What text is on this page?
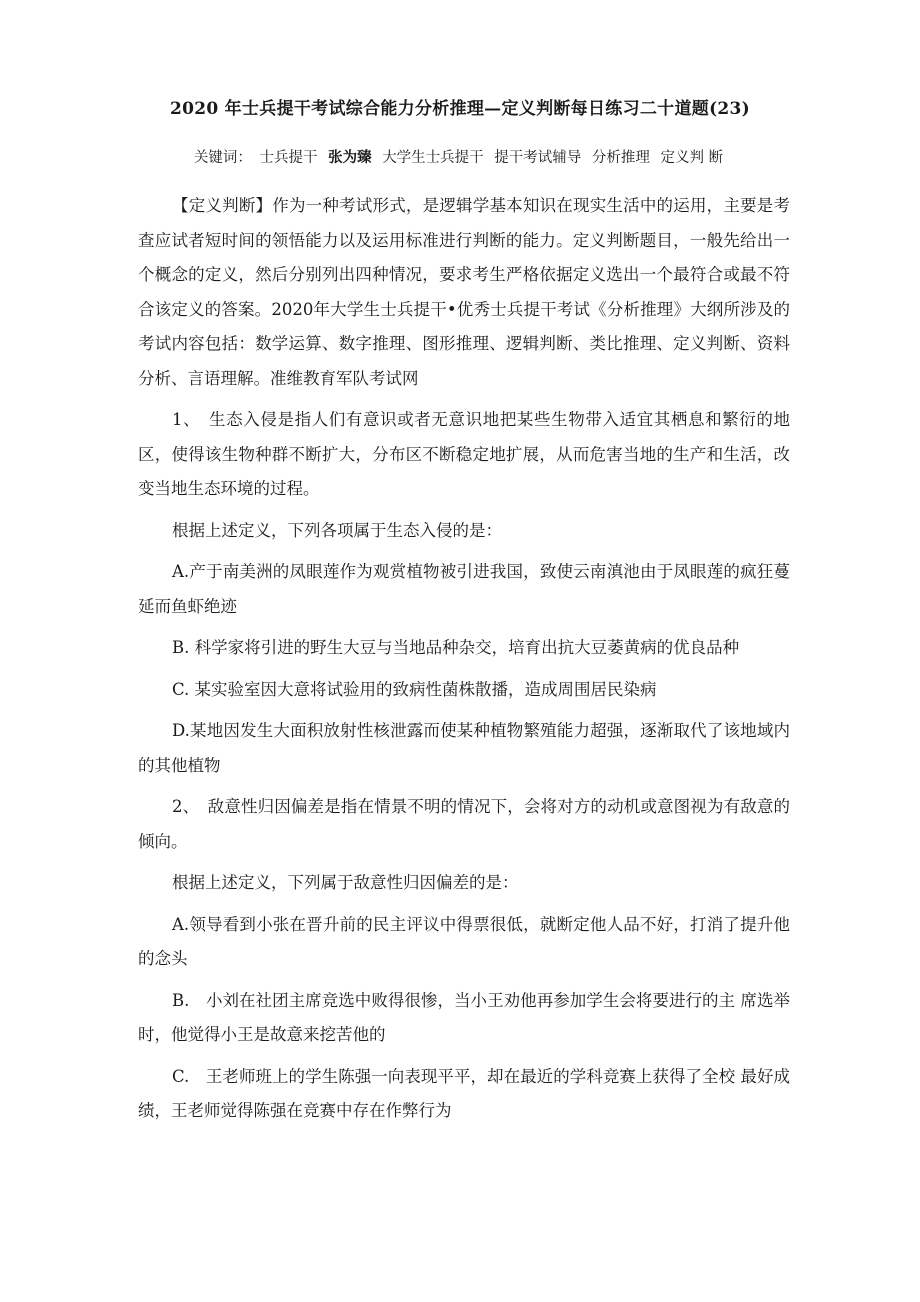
2020 年士兵提干考试综合能力分析推理—定义判断每日练习二十道题(23)
关键词： 士兵提干 张为臻 大学生士兵提干 提干考试辅导 分析推理 定义判 断

【定义判断】作为一种考试形式，是逻辑学基本知识在现实生活中的运用，主要是考查应试者短时间的领悟能力以及运用标准进行判断的能力。定义判断题目，一般先给出一个概念的定义，然后分别列出四种情况，要求考生严格依据定义选出一个最符合或最不符合该定义的答案。2020年大学生士兵提干•优秀士兵提干考试《分析推理》大纲所涉及的考试内容包括：数学运算、数字推理、图形推理、逻辑判断、类比推理、定义判断、资料分析、言语理解。准维教育军队考试网

1、　生态入侵是指人们有意识或者无意识地把某些生物带入适宜其栖息和繁衍的地区，使得该生物种群不断扩大，分布区不断稳定地扩展，从而危害当地的生产和生活，改变当地生态环境的过程。

根据上述定义，下列各项属于生态入侵的是：

A.产于南美洲的凤眼莲作为观赏植物被引进我国，致使云南滇池由于凤眼莲的疯狂蔓延而鱼虾绝迹

B. 科学家将引进的野生大豆与当地品种杂交，培育出抗大豆萎黄病的优良品种

C. 某实验室因大意将试验用的致病性菌株散播，造成周围居民染病

D.某地因发生大面积放射性核泄露而使某种植物繁殖能力超强，逐渐取代了该地域内的其他植物

2、　敌意性归因偏差是指在情景不明的情况下，会将对方的动机或意图视为有敌意的倾向。

根据上述定义，下列属于敌意性归因偏差的是：

A.领导看到小张在晋升前的民主评议中得票很低，就断定他人品不好，打消了提升他的念头

B.　小刘在社团主席竞选中败得很惨，当小王劝他再参加学生会将要进行的主 席选举时，他觉得小王是故意来挖苦他的

C.　王老师班上的学生陈强一向表现平平，却在最近的学科竞赛上获得了全校 最好成绩，王老师觉得陈强在竞赛中存在作弊行为
